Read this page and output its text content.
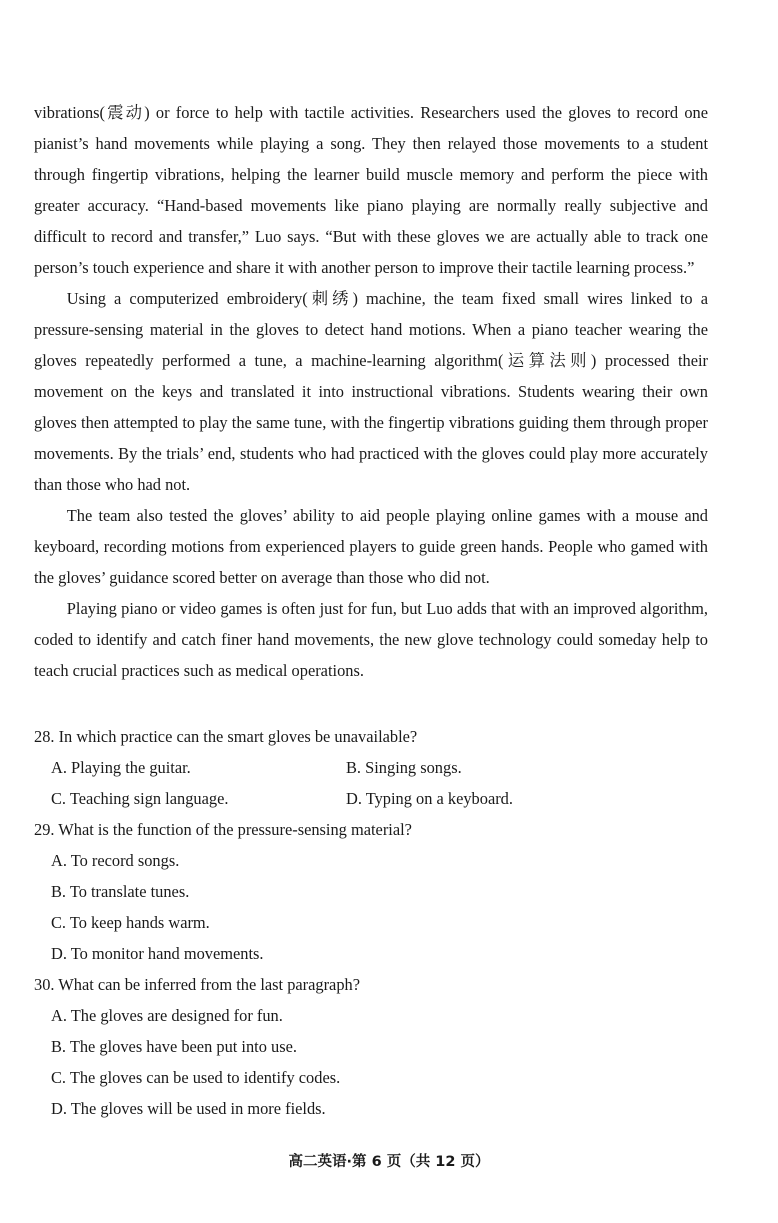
vibrations(震动) or force to help with tactile activities. Researchers used the gloves to record one pianist’s hand movements while playing a song. They then relayed those movements to a student through fingertip vibrations, helping the learner build muscle memory and perform the piece with greater accuracy. “Hand-based movements like piano playing are normally really subjective and difficult to record and transfer,” Luo says. “But with these gloves we are actually able to track one person’s touch experience and share it with another person to improve their tactile learning process.”

Using a computerized embroidery(刺绣) machine, the team fixed small wires linked to a pressure-sensing material in the gloves to detect hand motions. When a piano teacher wearing the gloves repeatedly performed a tune, a machine-learning algorithm(运算法则) processed their movement on the keys and translated it into instructional vibrations. Students wearing their own gloves then attempted to play the same tune, with the fingertip vibrations guiding them through proper movements. By the trials’ end, students who had practiced with the gloves could play more accurately than those who had not.

The team also tested the gloves’ ability to aid people playing online games with a mouse and keyboard, recording motions from experienced players to guide green hands. People who gamed with the gloves’ guidance scored better on average than those who did not.

Playing piano or video games is often just for fun, but Luo adds that with an improved algorithm, coded to identify and catch finer hand movements, the new glove technology could someday help to teach crucial practices such as medical operations.

28. In which practice can the smart gloves be unavailable?

A. Playing the guitar.	B. Singing songs.
C. Teaching sign language.	D. Typing on a keyboard.

29. What is the function of the pressure-sensing material?

A. To record songs.

B. To translate tunes.

C. To keep hands warm.

D. To monitor hand movements.

30. What can be inferred from the last paragraph?

A. The gloves are designed for fun.

B. The gloves have been put into use.

C. The gloves can be used to identify codes.

D. The gloves will be used in more fields.

高二英语·第 6 页（共 12 页）
